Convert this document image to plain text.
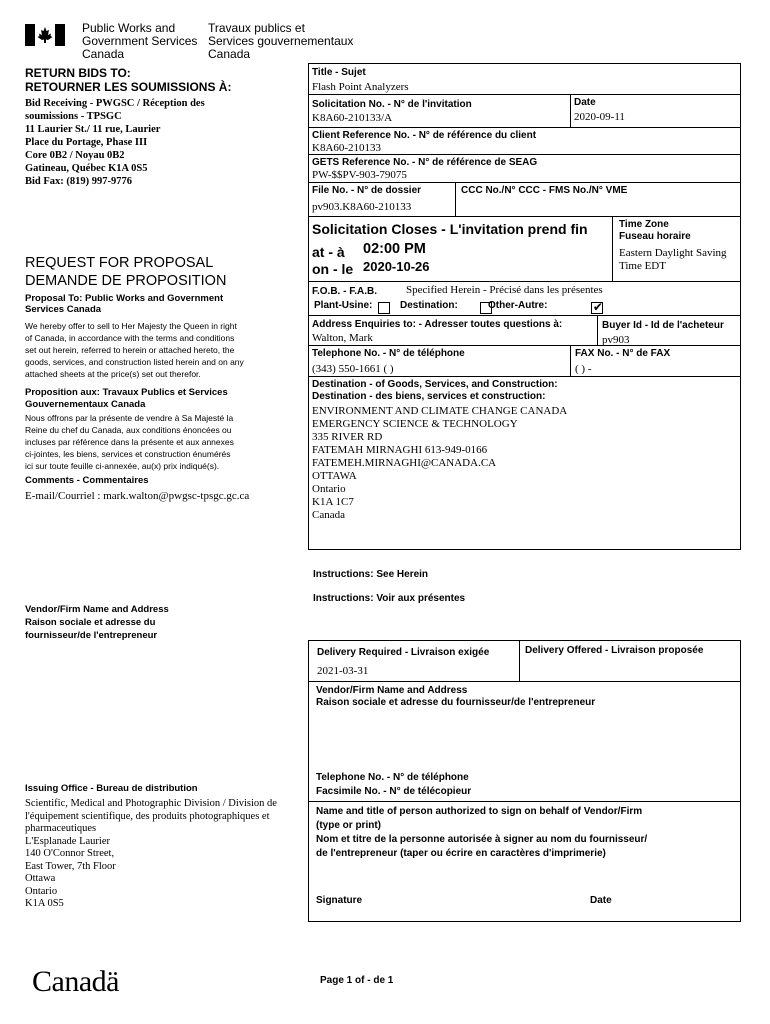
Public Works and
Government Services
Canada
Travaux publics et
Services gouvernementaux
Canada
RETURN BIDS TO:
RETOURNER LES SOUMISSIONS À:
Bid Receiving - PWGSC / Réception des
soumissions - TPSGC
11 Laurier St./ 11 rue, Laurier
Place du Portage, Phase III
Core 0B2 / Noyau 0B2
Gatineau, Québec K1A 0S5
Bid Fax: (819) 997-9776
REQUEST FOR PROPOSAL
DEMANDE DE PROPOSITION
Proposal To: Public Works and Government
Services Canada
We hereby offer to sell to Her Majesty the Queen in right
of Canada, in accordance with the terms and conditions
set out herein, referred to herein or attached hereto, the
goods, services, and construction listed herein and on any
attached sheets at the price(s) set out therefor.
Proposition aux: Travaux Publics et Services
Gouvernementaux Canada
Nous offrons par la présente de vendre à Sa Majesté la
Reine du chef du Canada, aux conditions énoncées ou
incluses par référence dans la présente et aux annexes
ci-jointes, les biens, services et construction énumérés
ici sur toute feuille ci-annexée, au(x) prix indiqué(s).
Comments - Commentaires
E-mail/Courriel : mark.walton@pwgsc-tpsgc.gc.ca
Vendor/Firm Name and Address
Raison sociale et adresse du
fournisseur/de l'entrepreneur
Issuing Office - Bureau de distribution
Scientific, Medical and Photographic Division / Division de
l'équipement scientifique, des produits photographiques et
pharmaceutiques
L'Esplanade Laurier
140 O'Connor Street,
East Tower, 7th Floor
Ottawa
Ontario
K1A 0S5
Title - Sujet
Flash Point Analyzers
Solicitation No. - N° de l'invitation
K8A60-210133/A
Date
2020-09-11
Client Reference No. - N° de référence du client
K8A60-210133
GETS Reference No. - N° de référence de SEAG
PW-$$PV-903-79075
File No. - N° de dossier
pv903.K8A60-210133
CCC No./N° CCC - FMS No./N° VME
Solicitation Closes - L'invitation prend fin
at - à 02:00 PM
on - le 2020-10-26
Time Zone
Fuseau horaire
Eastern Daylight Saving
Time EDT
F.O.B. - F.A.B.	Specified Herein - Précisé dans les présentes
Plant-Usine:
	Destination:
	Other-Autre:	✔
Address Enquiries to: - Adresser toutes questions à:
Walton, Mark
Buyer Id - Id de l'acheteur
pv903
Telephone No. - N° de téléphone
(343) 550-1661 ( )
FAX No. - N° de FAX
( ) -
Destination - of Goods, Services, and Construction:
Destination - des biens, services et construction:
ENVIRONMENT AND CLIMATE CHANGE CANADA
EMERGENCY SCIENCE & TECHNOLOGY
335 RIVER RD
FATEMAH MIRNAGHI 613-949-0166
FATEMEH.MIRNAGHI@CANADA.CA
OTTAWA
Ontario
K1A 1C7
Canada
Instructions: See Herein
Instructions: Voir aux présentes
Delivery Required - Livraison exigée
2021-03-31
Delivery Offered - Livraison proposée
Vendor/Firm Name and Address
Raison sociale et adresse du fournisseur/de l'entrepreneur
Telephone No. - N° de téléphone
Facsimile No. - N° de télécopieur
Name and title of person authorized to sign on behalf of Vendor/Firm
(type or print)
Nom et titre de la personne autorisée à signer au nom du fournisseur/
de l'entrepreneur (taper ou écrire en caractères d'imprimerie)
Signature	Date
Canadä	Page 1 of - de 1
